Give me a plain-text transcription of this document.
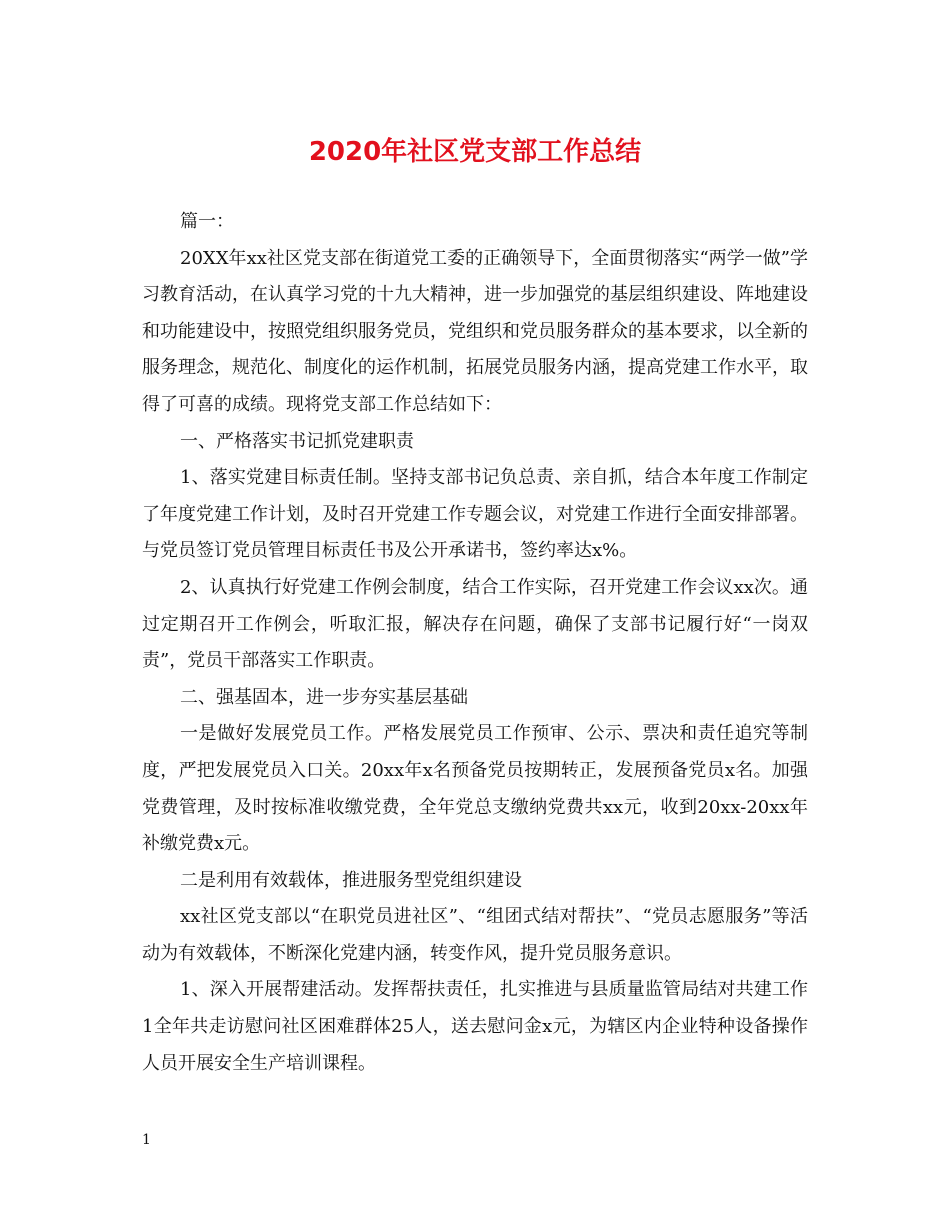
2020年社区党支部工作总结

篇一：

20XX年xx社区党支部在街道党工委的正确领导下，全面贯彻落实“两学一做”学习教育活动，在认真学习党的十九大精神，进一步加强党的基层组织建设、阵地建设和功能建设中，按照党组织服务党员，党组织和党员服务群众的基本要求，以全新的服务理念，规范化、制度化的运作机制，拓展党员服务内涵，提高党建工作水平，取得了可喜的成绩。现将党支部工作总结如下：

一、严格落实书记抓党建职责

1、落实党建目标责任制。坚持支部书记负总责、亲自抓，结合本年度工作制定了年度党建工作计划，及时召开党建工作专题会议，对党建工作进行全面安排部署。与党员签订党员管理目标责任书及公开承诺书，签约率达x%。

2、认真执行好党建工作例会制度，结合工作实际，召开党建工作会议xx次。通过定期召开工作例会，听取汇报，解决存在问题，确保了支部书记履行好“一岗双责”，党员干部落实工作职责。

二、强基固本，进一步夯实基层基础

一是做好发展党员工作。严格发展党员工作预审、公示、票决和责任追究等制度，严把发展党员入口关。20xx年x名预备党员按期转正，发展预备党员x名。加强党费管理，及时按标准收缴党费，全年党总支缴纳党费共xx元，收到20xx-20xx年补缴党费x元。

二是利用有效载体，推进服务型党组织建设

xx社区党支部以“在职党员进社区”、“组团式结对帮扶”、“党员志愿服务”等活动为有效载体，不断深化党建内涵，转变作风，提升党员服务意识。

1、深入开展帮建活动。发挥帮扶责任，扎实推进与县质量监管局结对共建工作1全年共走访慰问社区困难群体25人，送去慰问金x元，为辖区内企业特种设备操作人员开展安全生产培训课程。

1
